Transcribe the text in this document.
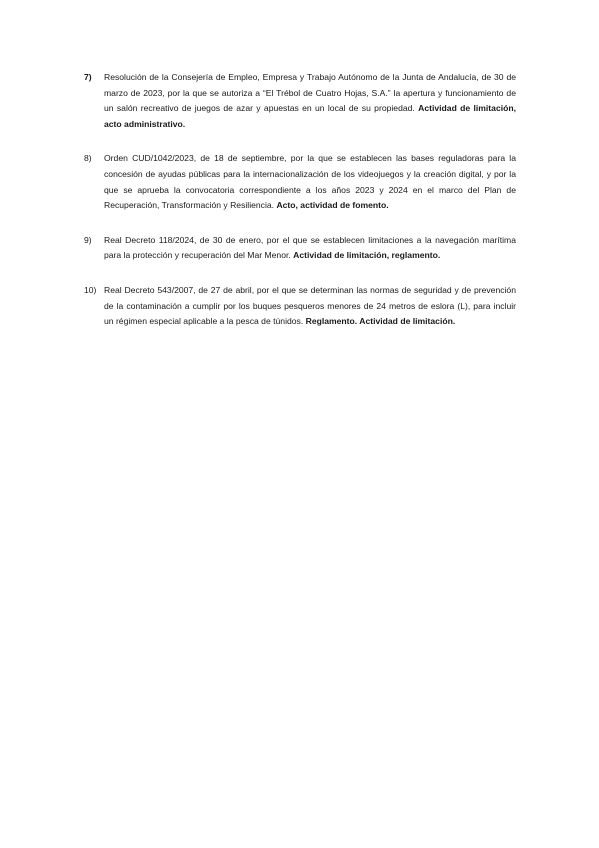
7)	Resolución de la Consejería de Empleo, Empresa y Trabajo Autónomo de la Junta de Andalucía, de 30 de marzo de 2023, por la que se autoriza a “El Trébol de Cuatro Hojas, S.A.” la apertura y funcionamiento de un salón recreativo de juegos de azar y apuestas en un local de su propiedad. Actividad de limitación, acto administrativo.
8)	Orden CUD/1042/2023, de 18 de septiembre, por la que se establecen las bases reguladoras para la concesión de ayudas públicas para la internacionalización de los videojuegos y la creación digital, y por la que se aprueba la convocatoria correspondiente a los años 2023 y 2024 en el marco del Plan de Recuperación, Transformación y Resiliencia. Acto, actividad de fomento.
9)	Real Decreto 118/2024, de 30 de enero, por el que se establecen limitaciones a la navegación marítima para la protección y recuperación del Mar Menor. Actividad de limitación, reglamento.
10) Real Decreto 543/2007, de 27 de abril, por el que se determinan las normas de seguridad y de prevención de la contaminación a cumplir por los buques pesqueros menores de 24 metros de eslora (L), para incluir un régimen especial aplicable a la pesca de túnidos. Reglamento. Actividad de limitación.
